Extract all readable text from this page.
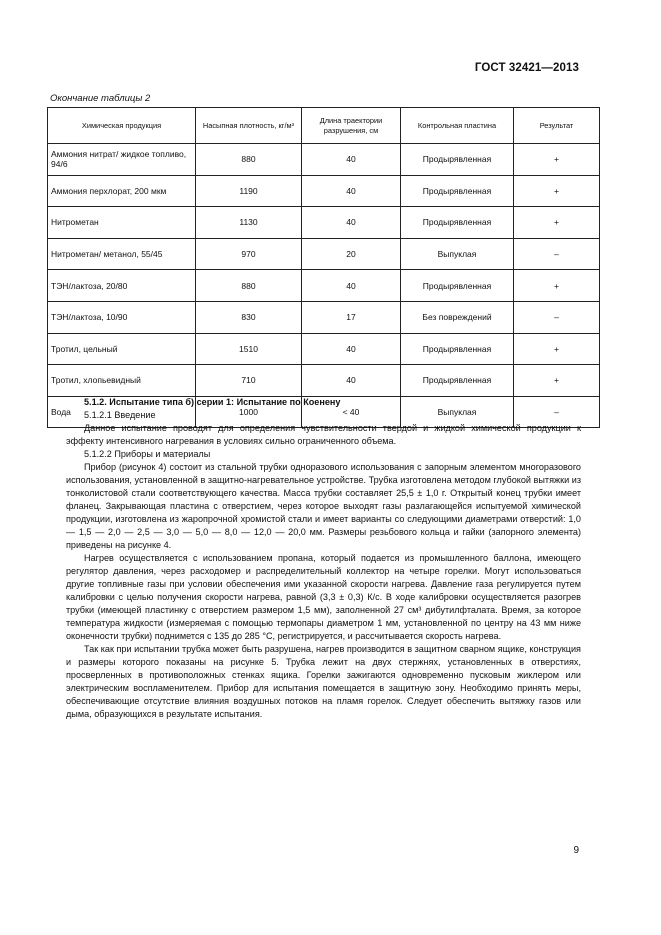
ГОСТ 32421—2013
Окончание таблицы 2
Химическая продукция	Насыпная плотность, кг/м³	Длина траектории разрушения, см	Контрольная пластина	Результат
Аммония нитрат/ жидкое топливо, 94/6	880	40	Продырявленная	+
Аммония перхлорат, 200 мкм	1190	40	Продырявленная	+
Нитрометан	1130	40	Продырявленная	+
Нитрометан/ метанол, 55/45	970	20	Выпуклая	–
ТЭН/лактоза, 20/80	880	40	Продырявленная	+
ТЭН/лактоза, 10/90	830	17	Без повреждений	–
Тротил, цельный	1510	40	Продырявленная	+
Тротил, хлопьевидный	710	40	Продырявленная	+
Вода	1000	< 40	Выпуклая	–

5.1.2. Испытание типа б) серии 1: Испытание по Коенену

5.1.2.1 Введение

Данное испытание проводят для определения чувствительности твердой и жидкой химической продукции к эффекту интенсивного нагревания в условиях сильно ограниченного объема.

5.1.2.2 Приборы и материалы

Прибор (рисунок 4) состоит из стальной трубки одноразового использования с запорным элементом многоразового использования, установленной в защитно-нагревательное устройстве. Трубка изготовлена методом глубокой вытяжки из тонколистовой стали соответствующего качества. Масса трубки составляет 25,5 ± 1,0 г. Открытый конец трубки имеет фланец. Закрывающая пластина с отверстием, через которое выходят газы разлагающейся испытуемой химической продукции, изготовлена из жаропрочной хромистой стали и имеет варианты со следующими диаметрами отверстий: 1,0 — 1,5 — 2,0 — 2,5 — 3,0 — 5,0 — 8,0 — 12,0 — 20,0 мм. Размеры резьбового кольца и гайки (запорного элемента) приведены на рисунке 4.

Нагрев осуществляется с использованием пропана, который подается из промышленного баллона, имеющего регулятор давления, через расходомер и распределительный коллектор на четыре горелки. Могут использоваться другие топливные газы при условии обеспечения ими указанной скорости нагрева. Давление газа регулируется путем калибровки с целью получения скорости нагрева, равной (3,3 ± 0,3) К/с. В ходе калибровки осуществляется разогрев трубки (имеющей пластинку с отверстием размером 1,5 мм), заполненной 27 см³ дибутилфталата. Время, за которое температура жидкости (измеряемая с помощью термопары диаметром 1 мм, установленной по центру на 43 мм ниже оконечности трубки) поднимется с 135 до 285 °С, регистрируется, и рассчитывается скорость нагрева.

Так как при испытании трубка может быть разрушена, нагрев производится в защитном сварном ящике, конструкция и размеры которого показаны на рисунке 5. Трубка лежит на двух стержнях, установленных в отверстиях, просверленных в противоположных стенках ящика. Горелки зажигаются одновременно пусковым жиклером или электрическим воспламенителем. Прибор для испытания помещается в защитную зону. Необходимо принять меры, обеспечивающие отсутствие влияния воздушных потоков на пламя горелок. Следует обеспечить вытяжку газов или дыма, образующихся в результате испытания.

9
